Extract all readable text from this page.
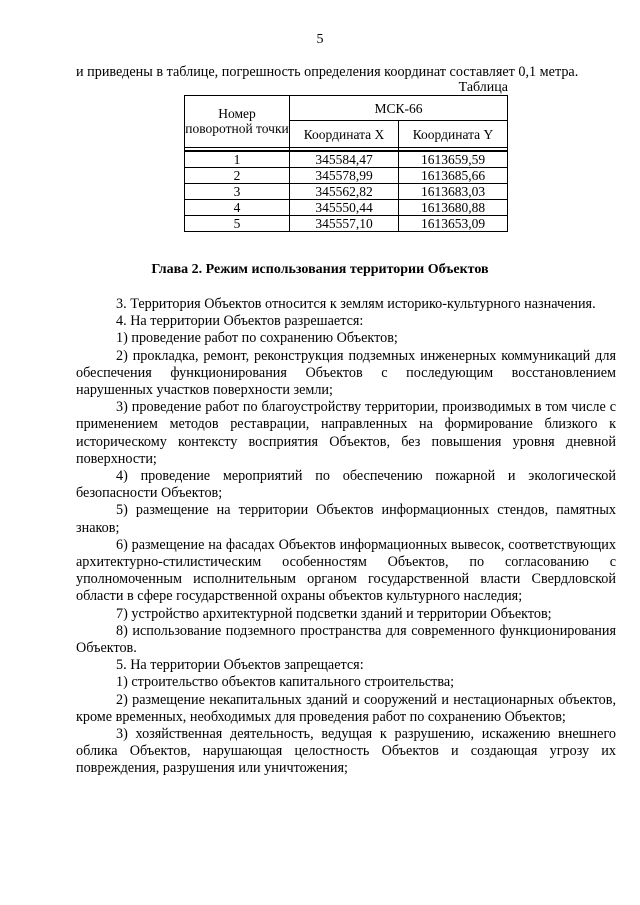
5
и приведены в таблице, погрешность определения координат составляет 0,1 метра.
Таблица
Номер поворотной точки	МСК-66	
	Координата X	Координата Y

1	345584,47	1613659,59
2	345578,99	1613685,66
3	345562,82	1613683,03
4	345550,44	1613680,88
5	345557,10	1613653,09
Глава 2. Режим использования территории Объектов

3. Территория Объектов относится к землям историко-культурного назначения.

4. На территории Объектов разрешается:

1) проведение работ по сохранению Объектов;

2) прокладка, ремонт, реконструкция подземных инженерных коммуникаций для обеспечения функционирования Объектов с последующим восстановлением нарушенных участков поверхности земли;

3) проведение работ по благоустройству территории, производимых в том числе с применением методов реставрации, направленных на формирование близкого к историческому контексту восприятия Объектов, без повышения уровня дневной поверхности;

4) проведение мероприятий по обеспечению пожарной и экологической безопасности Объектов;

5) размещение на территории Объектов информационных стендов, памятных знаков;

6) размещение на фасадах Объектов информационных вывесок, соответствующих архитектурно-стилистическим особенностям Объектов, по согласованию с уполномоченным исполнительным органом государственной власти Свердловской области в сфере государственной охраны объектов культурного наследия;

7) устройство архитектурной подсветки зданий и территории Объектов;

8) использование подземного пространства для современного функционирования Объектов.

5. На территории Объектов запрещается:

1) строительство объектов капитального строительства;

2) размещение некапитальных зданий и сооружений и нестационарных объектов, кроме временных, необходимых для проведения работ по сохранению Объектов;

3) хозяйственная деятельность, ведущая к разрушению, искажению внешнего облика Объектов, нарушающая целостность Объектов и создающая угрозу их повреждения, разрушения или уничтожения;
